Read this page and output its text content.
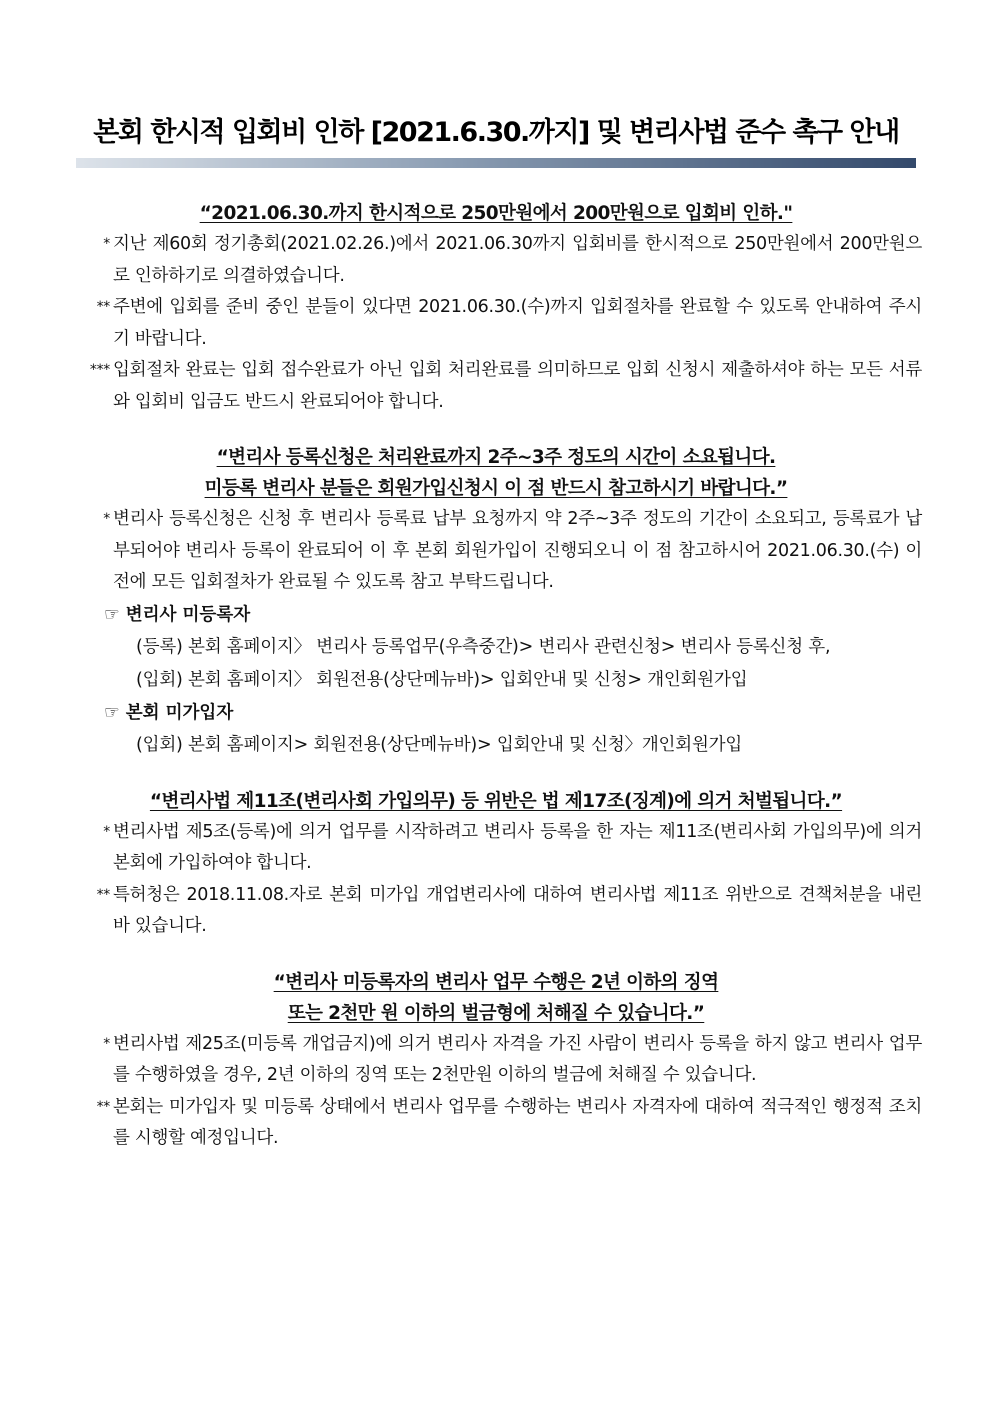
본회 한시적 입회비 인하 [2021.6.30.까지] 및 변리사법 준수 촉구 안내
“2021.06.30.까지 한시적으로 250만원에서 200만원으로 입회비 인하."
* 지난 제60회 정기총회(2021.02.26.)에서 2021.06.30까지 입회비를 한시적으로 250만원에서 200만원으로 인하하기로 의결하였습니다.
** 주변에 입회를 준비 중인 분들이 있다면 2021.06.30.(수)까지 입회절차를 완료할 수 있도록 안내하여 주시기 바랍니다.
*** 입회절차 완료는 입회 접수완료가 아닌 입회 처리완료를 의미하므로 입회 신청시 제출하셔야 하는 모든 서류와 입회비 입금도 반드시 완료되어야 합니다.
“변리사 등록신청은 처리완료까지 2주~3주 정도의 시간이 소요됩니다.
미등록 변리사 분들은 회원가입신청시 이 점 반드시 참고하시기 바랍니다.”
* 변리사 등록신청은 신청 후 변리사 등록료 납부 요청까지 약 2주~3주 정도의 기간이 소요되고, 등록료가 납부되어야 변리사 등록이 완료되어 이 후 본회 회원가입이 진행되오니 이 점 참고하시어 2021.06.30.(수) 이전에 모든 입회절차가 완료될 수 있도록 참고 부탁드립니다.
☞ 변리사 미등록자
(등록) 본회 홈페이지〉 변리사 등록업무(우측중간)> 변리사 관련신청> 변리사 등록신청 후,
(입회) 본회 홈페이지〉 회원전용(상단메뉴바)> 입회안내 및 신청> 개인회원가입
☞ 본회 미가입자
(입회) 본회 홈페이지> 회원전용(상단메뉴바)> 입회안내 및 신청〉개인회원가입
“변리사법 제11조(변리사회 가입의무) 등 위반은 법 제17조(징계)에 의거 처벌됩니다.”
* 변리사법 제5조(등록)에 의거 업무를 시작하려고 변리사 등록을 한 자는 제11조(변리사회 가입의무)에 의거 본회에 가입하여야 합니다.
** 특허청은 2018.11.08.자로 본회 미가입 개업변리사에 대하여 변리사법 제11조 위반으로 견책처분을 내린 바 있습니다.
“변리사 미등록자의 변리사 업무 수행은 2년 이하의 징역
또는 2천만 원 이하의 벌금형에 처해질 수 있습니다.”
* 변리사법 제25조(미등록 개업금지)에 의거 변리사 자격을 가진 사람이 변리사 등록을 하지 않고 변리사 업무를 수행하였을 경우, 2년 이하의 징역 또는 2천만원 이하의 벌금에 처해질 수 있습니다.
** 본회는 미가입자 및 미등록 상태에서 변리사 업무를 수행하는 변리사 자격자에 대하여 적극적인 행정적 조치를 시행할 예정입니다.
